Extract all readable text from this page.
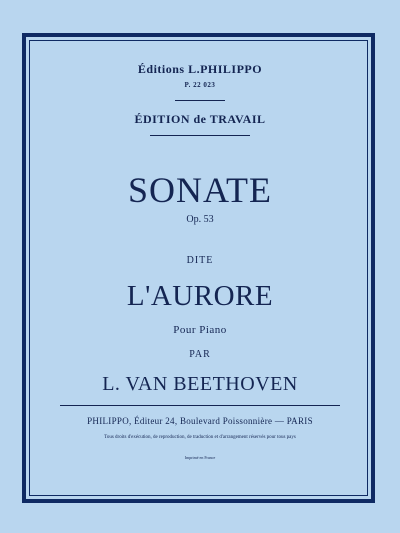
Éditions L.PHILIPPO
P. 22 023
ÉDITION de TRAVAIL
SONATE
Op. 53
DITE
L'AURORE
Pour Piano
PAR
L. VAN BEETHOVEN
PHILIPPO, Éditeur 24, Boulevard Poissonnière — PARIS
Tous droits d'exécution, de reproduction, de traduction et d'arrangement réservés pour tous pays
Imprimé en France
